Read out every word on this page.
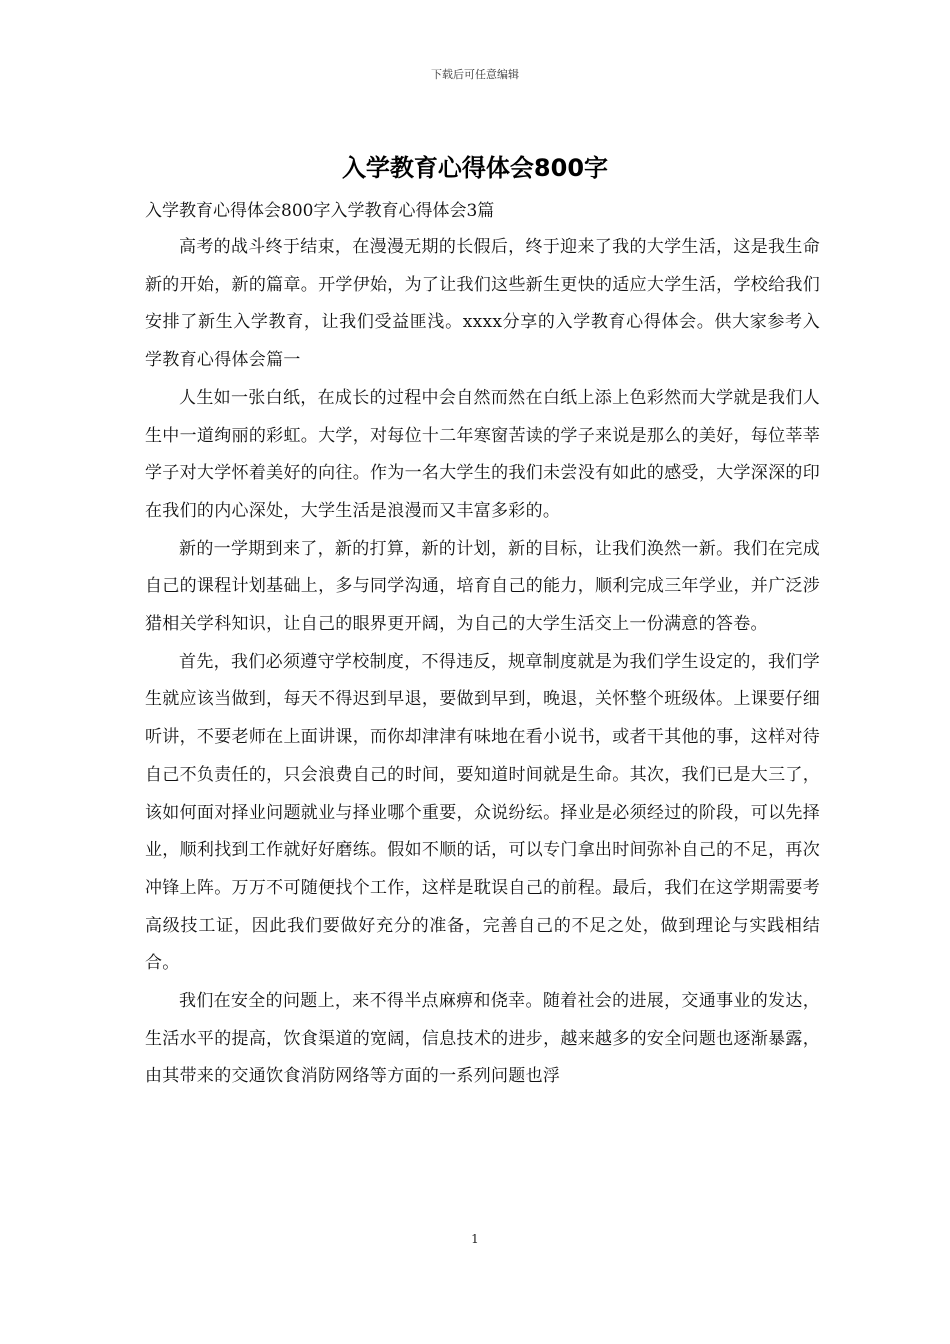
下载后可任意编辑
入学教育心得体会800字

入学教育心得体会800字入学教育心得体会3篇

高考的战斗终于结束，在漫漫无期的长假后，终于迎来了我的大学生活，这是我生命新的开始，新的篇章。开学伊始，为了让我们这些新生更快的适应大学生活，学校给我们安排了新生入学教育，让我们受益匪浅。xxxx分享的入学教育心得体会。供大家参考入学教育心得体会篇一

人生如一张白纸，在成长的过程中会自然而然在白纸上添上色彩然而大学就是我们人生中一道绚丽的彩虹。大学，对每位十二年寒窗苦读的学子来说是那么的美好，每位莘莘学子对大学怀着美好的向往。作为一名大学生的我们未尝没有如此的感受，大学深深的印在我们的内心深处，大学生活是浪漫而又丰富多彩的。

新的一学期到来了，新的打算，新的计划，新的目标，让我们涣然一新。我们在完成自己的课程计划基础上，多与同学沟通，培育自己的能力，顺利完成三年学业，并广泛涉猎相关学科知识，让自己的眼界更开阔，为自己的大学生活交上一份满意的答卷。

首先，我们必须遵守学校制度，不得违反，规章制度就是为我们学生设定的，我们学生就应该当做到，每天不得迟到早退，要做到早到，晚退，关怀整个班级体。上课要仔细听讲，不要老师在上面讲课，而你却津津有味地在看小说书，或者干其他的事，这样对待自己不负责任的，只会浪费自己的时间，要知道时间就是生命。其次，我们已是大三了，该如何面对择业问题就业与择业哪个重要，众说纷纭。择业是必须经过的阶段，可以先择业，顺利找到工作就好好磨练。假如不顺的话，可以专门拿出时间弥补自己的不足，再次冲锋上阵。万万不可随便找个工作，这样是耽误自己的前程。最后，我们在这学期需要考高级技工证，因此我们要做好充分的准备，完善自己的不足之处，做到理论与实践相结合。

我们在安全的问题上，来不得半点麻痹和侥幸。随着社会的进展，交通事业的发达，生活水平的提高，饮食渠道的宽阔，信息技术的进步，越来越多的安全问题也逐渐暴露，由其带来的交通饮食消防网络等方面的一系列问题也浮

1
